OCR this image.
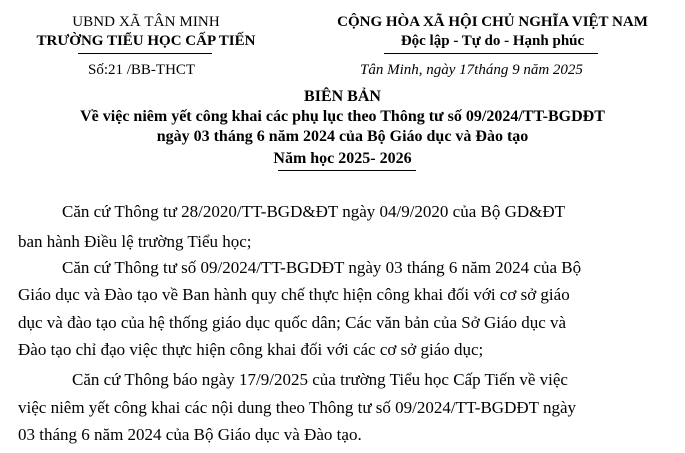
UBND XÃ TÂN MINH
TRƯỜNG TIỂU HỌC CẤP TIẾN
CỘNG HÒA XÃ HỘI CHỦ NGHĨA VIỆT NAM
Độc lập - Tự do - Hạnh phúc
Số:21 /BB-THCT	Tân Minh, ngày 17tháng 9 năm 2025
BIÊN BẢN
Về việc niêm yết công khai các phụ lục theo Thông tư số 09/2024/TT-BGDĐT
ngày 03 tháng 6 năm 2024 của Bộ Giáo dục và Đào tạo
Năm học 2025- 2026
Căn cứ Thông tư 28/2020/TT-BGD&ĐT ngày 04/9/2020 của Bộ GD&ĐT
ban hành Điều lệ trường Tiểu học;
Căn cứ Thông tư số 09/2024/TT-BGDĐT ngày 03 tháng 6 năm 2024 của Bộ
Giáo dục và Đào tạo về Ban hành quy chế thực hiện công khai đối với cơ sở giáo
dục và đào tạo của hệ thống giáo dục quốc dân; Các văn bản của Sở Giáo dục và
Đào tạo chỉ đạo việc thực hiện công khai đối với các cơ sở giáo dục;
Căn cứ Thông báo ngày 17/9/2025 của trường Tiểu học Cấp Tiến về việc
việc niêm yết công khai các nội dung theo Thông tư số 09/2024/TT-BGDĐT ngày
03 tháng 6 năm 2024 của Bộ Giáo dục và Đào tạo.
